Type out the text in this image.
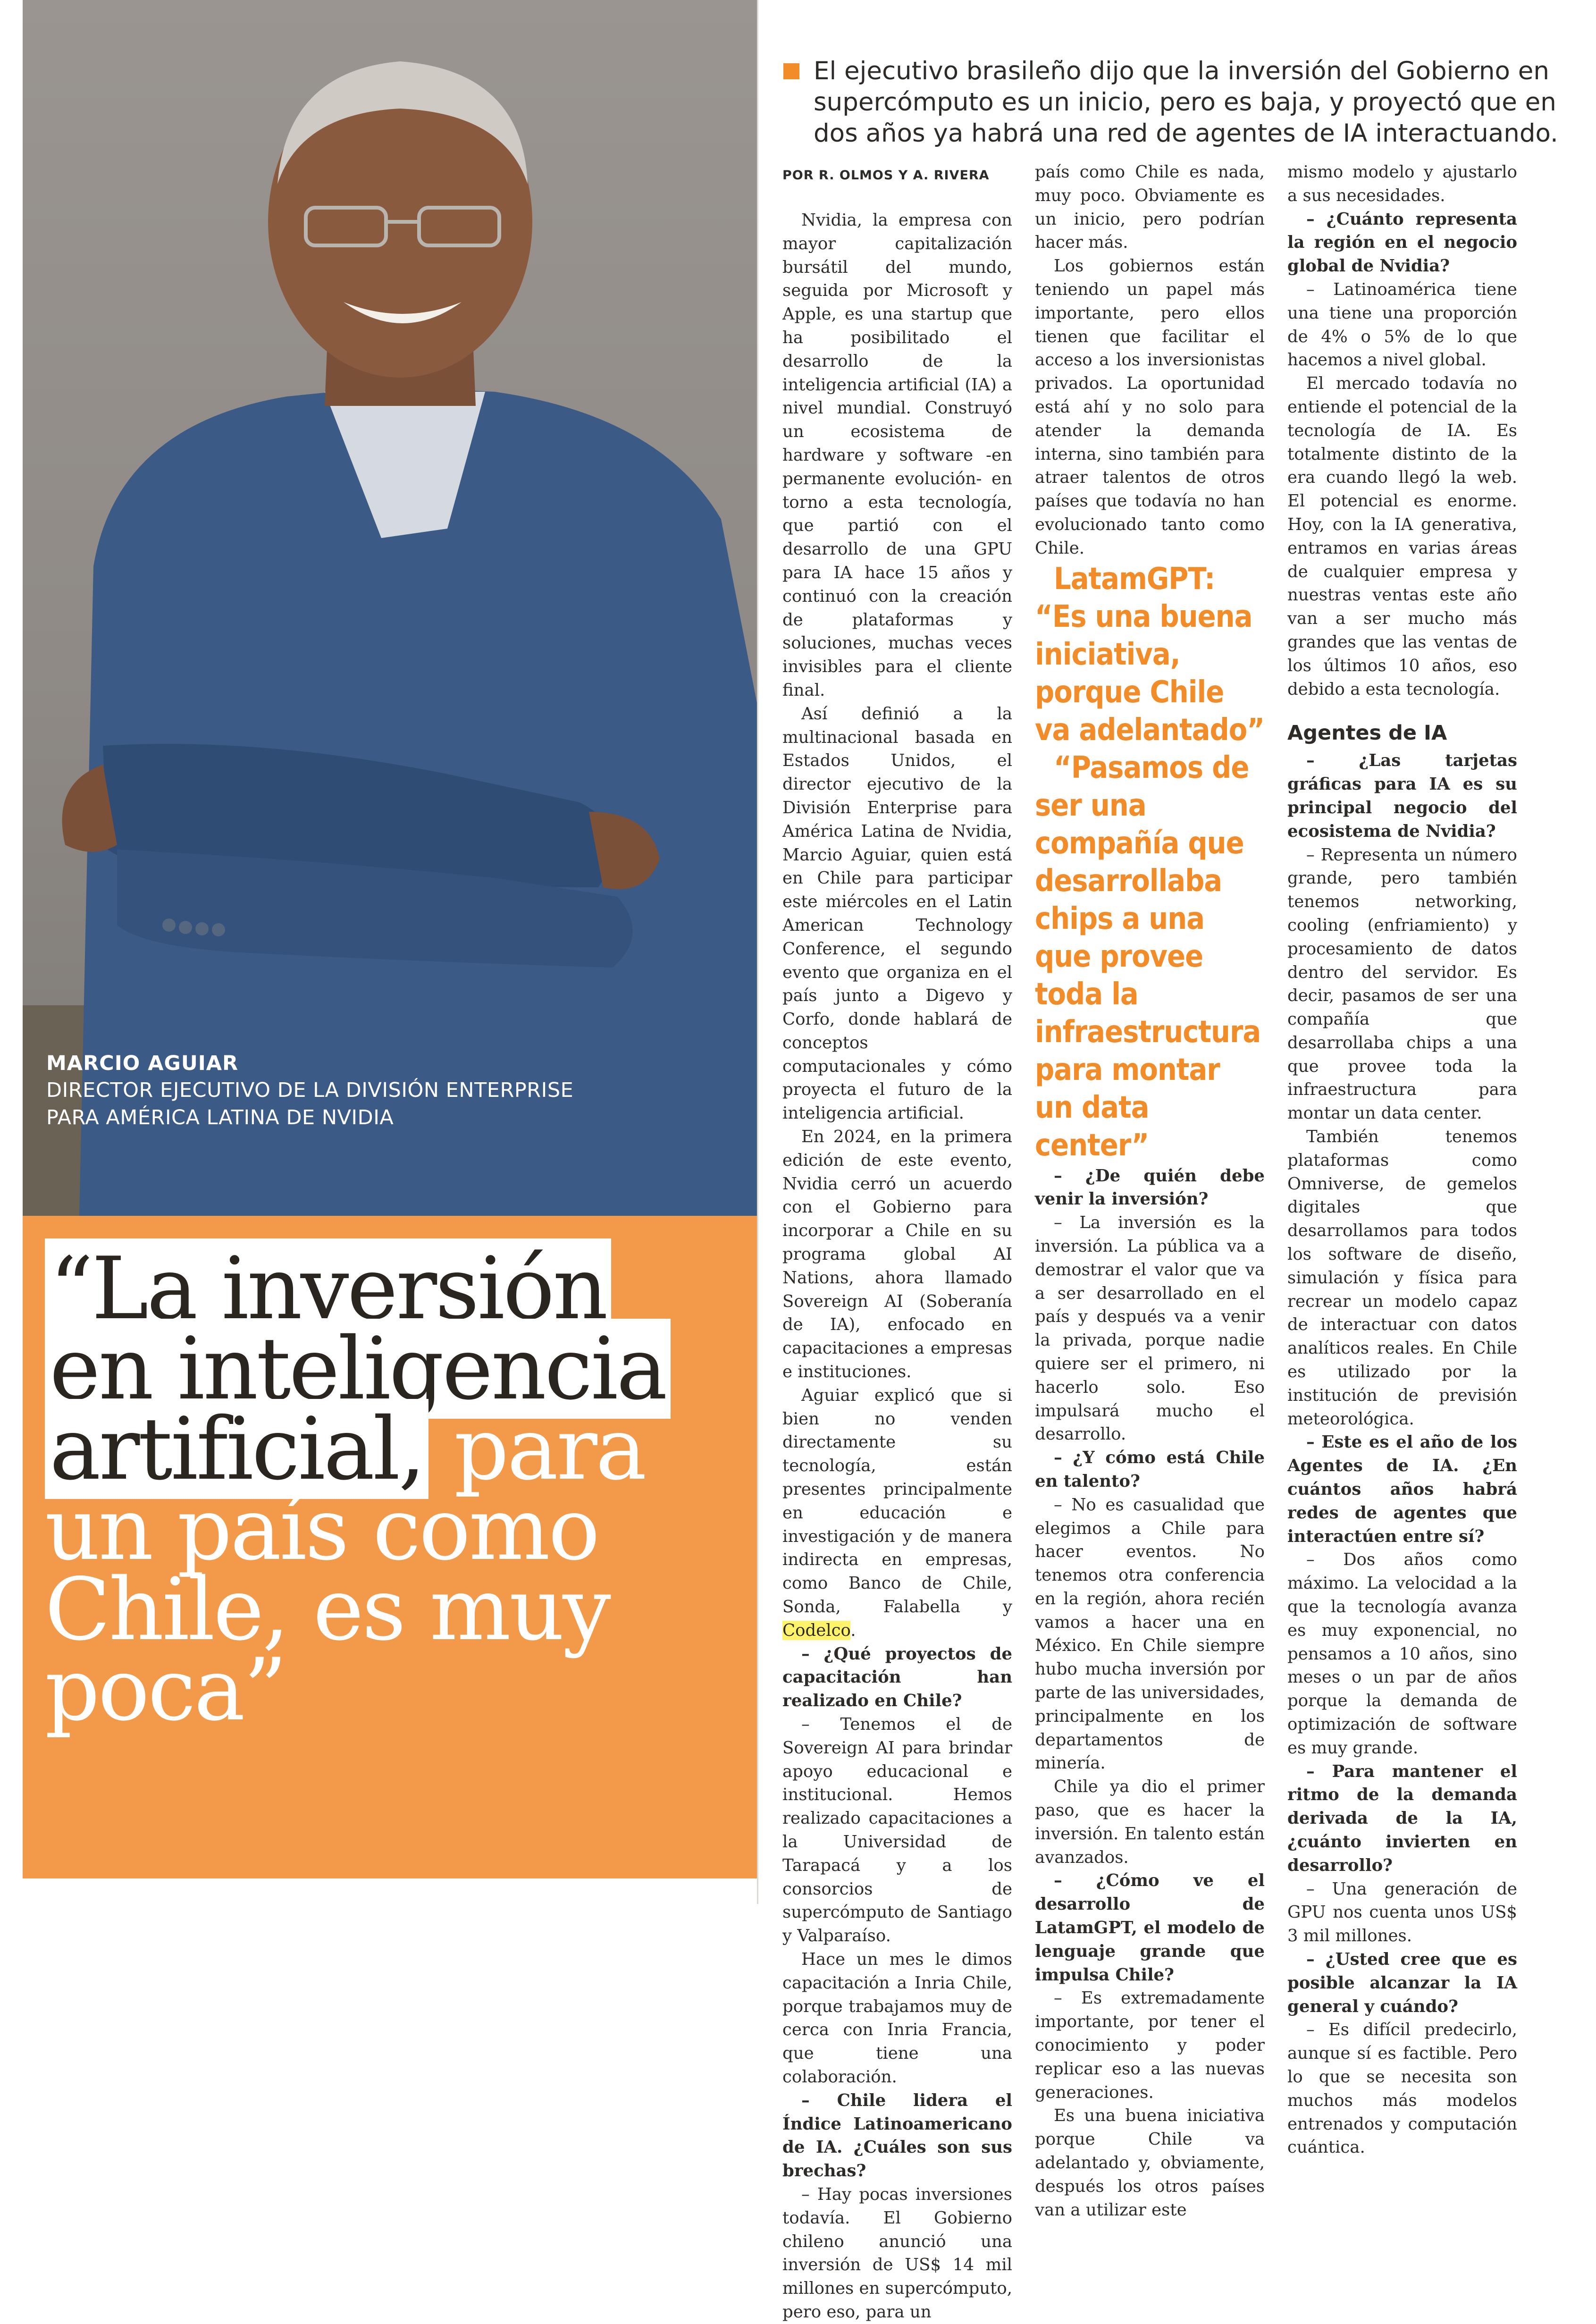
MARCIO AGUIAR
DIRECTOR EJECUTIVO DE LA DIVISIÓN ENTERPRISE PARA AMÉRICA LATINA DE NVIDIA
“La inversión en inteligencia artificial, para un país como Chile, es muy poca”
El ejecutivo brasileño dijo que la inversión del Gobierno en supercómputo es un inicio, pero es baja, y proyectó que en dos años ya habrá una red de agentes de IA interactuando.
POR R. OLMOS Y A. RIVERA

Nvidia, la empresa con mayor capitalización bursátil del mundo, seguida por Microsoft y Apple, es una startup que ha posibilitado el desarrollo de la inteligencia artificial (IA) a nivel mundial. Construyó un ecosistema de hardware y software -en permanente evolución- en torno a esta tecnología, que partió con el desarrollo de una GPU para IA hace 15 años y continuó con la creación de plataformas y soluciones, muchas veces invisibles para el cliente final.

Así definió a la multinacional basada en Estados Unidos, el director ejecutivo de la División Enterprise para América Latina de Nvidia, Marcio Aguiar, quien está en Chile para participar este miércoles en el Latin American Technology Conference, el segundo evento que organiza en el país junto a Digevo y Corfo, donde hablará de conceptos computacionales y cómo proyecta el futuro de la inteligencia artificial.

En 2024, en la primera edición de este evento, Nvidia cerró un acuerdo con el Gobierno para incorporar a Chile en su programa global AI Nations, ahora llamado Sovereign AI (Soberanía de IA), enfocado en capacitaciones a empresas e instituciones.

Aguiar explicó que si bien no venden directamente su tecnología, están presentes principalmente en educación e investigación y de manera indirecta en empresas, como Banco de Chile, Sonda, Falabella y Codelco.

– ¿Qué proyectos de capacitación han realizado en Chile?

– Tenemos el de Sovereign AI para brindar apoyo educacional e institucional. Hemos realizado capacitaciones a la Universidad de Tarapacá y a los consorcios de supercómputo de Santiago y Valparaíso.

Hace un mes le dimos capacitación a Inria Chile, porque trabajamos muy de cerca con Inria Francia, que tiene una colaboración.

– Chile lidera el Índice Latinoamericano de IA. ¿Cuáles son sus brechas?

– Hay pocas inversiones todavía. El Gobierno chileno anunció una inversión de US$ 14 mil millones en supercómputo, pero eso, para un

país como Chile es nada, muy poco. Obviamente es un inicio, pero podrían hacer más.

Los gobiernos están teniendo un papel más importante, pero ellos tienen que facilitar el acceso a los inversionistas privados. La oportunidad está ahí y no solo para atender la demanda interna, sino también para atraer talentos de otros países que todavía no han evolucionado tanto como Chile.

LatamGPT: “Es una buena iniciativa, porque Chile va adelantado”

“Pasamos de ser una compañía que desarrollaba chips a una que provee toda la infraestructura para montar un data center”

– ¿De quién debe venir la inversión?

– La inversión es la inversión. La pública va a demostrar el valor que va a ser desarrollado en el país y después va a venir la privada, porque nadie quiere ser el primero, ni hacerlo solo. Eso impulsará mucho el desarrollo.

– ¿Y cómo está Chile en talento?

– No es casualidad que elegimos a Chile para hacer eventos. No tenemos otra conferencia en la región, ahora recién vamos a hacer una en México. En Chile siempre hubo mucha inversión por parte de las universidades, principalmente en los departamentos de minería.

Chile ya dio el primer paso, que es hacer la inversión. En talento están avanzados.

– ¿Cómo ve el desarrollo de LatamGPT, el modelo de lenguaje grande que impulsa Chile?

– Es extremadamente importante, por tener el conocimiento y poder replicar eso a las nuevas generaciones.

Es una buena iniciativa porque Chile va adelantado y, obviamente, después los otros países van a utilizar este

mismo modelo y ajustarlo a sus necesidades.

– ¿Cuánto representa la región en el negocio global de Nvidia?

– Latinoamérica tiene una tiene una proporción de 4% o 5% de lo que hacemos a nivel global.

El mercado todavía no entiende el potencial de la tecnología de IA. Es totalmente distinto de la era cuando llegó la web. El potencial es enorme. Hoy, con la IA generativa, entramos en varias áreas de cualquier empresa y nuestras ventas este año van a ser mucho más grandes que las ventas de los últimos 10 años, eso debido a esta tecnología.

Agentes de IA

– ¿Las tarjetas gráficas para IA es su principal negocio del ecosistema de Nvidia?

– Representa un número grande, pero también tenemos networking, cooling (enfriamiento) y procesamiento de datos dentro del servidor. Es decir, pasamos de ser una compañía que desarrollaba chips a una que provee toda la infraestructura para montar un data center.

También tenemos plataformas como Omniverse, de gemelos digitales que desarrollamos para todos los software de diseño, simulación y física para recrear un modelo capaz de interactuar con datos analíticos reales. En Chile es utilizado por la institución de previsión meteorológica.

– Este es el año de los Agentes de IA. ¿En cuántos años habrá redes de agentes que interactúen entre sí?

– Dos años como máximo. La velocidad a la que la tecnología avanza es muy exponencial, no pensamos a 10 años, sino meses o un par de años porque la demanda de optimización de software es muy grande.

– Para mantener el ritmo de la demanda derivada de la IA, ¿cuánto invierten en desarrollo?

– Una generación de GPU nos cuenta unos US$ 3 mil millones.

– ¿Usted cree que es posible alcanzar la IA general y cuándo?

– Es difícil predecirlo, aunque sí es factible. Pero lo que se necesita son muchos más modelos entrenados y computación cuántica.
